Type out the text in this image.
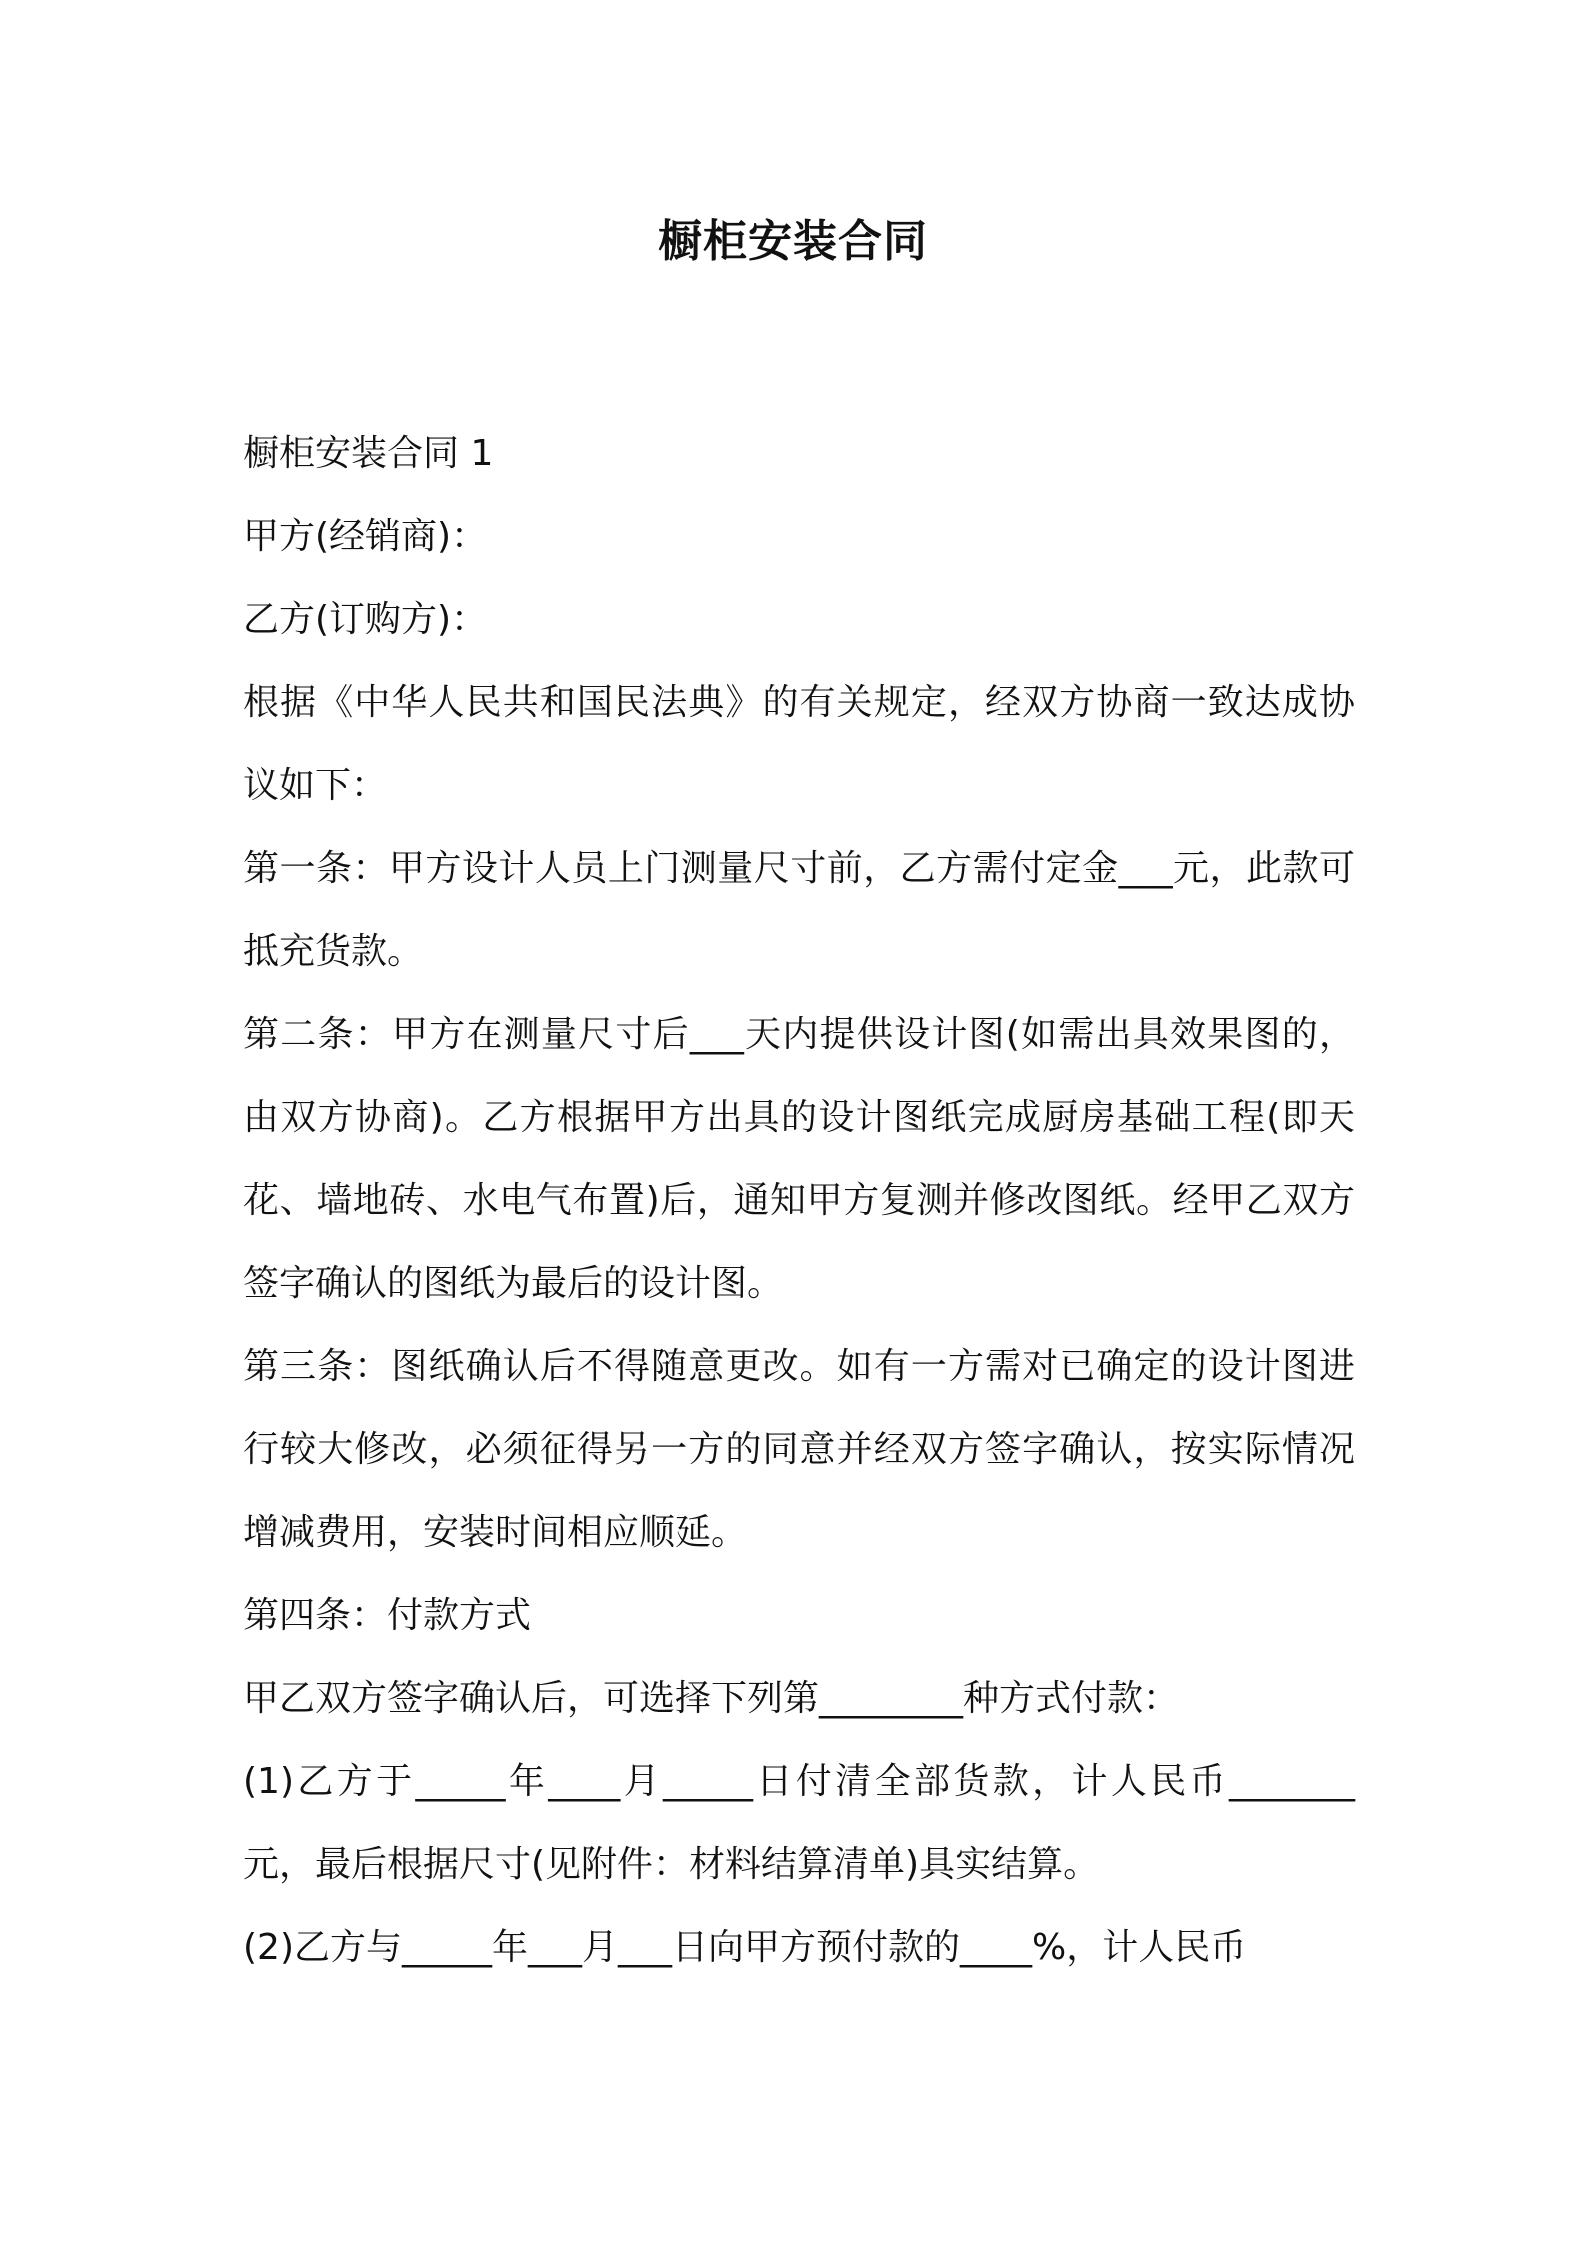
橱柜安装合同

橱柜安装合同 1

甲方(经销商)：

乙方(订购方)：

根据《中华人民共和国民法典》的有关规定，经双方协商一致达成协议如下：

第一条：甲方设计人员上门测量尺寸前，乙方需付定金___元，此款可抵充货款。

第二条：甲方在测量尺寸后___天内提供设计图(如需出具效果图的，由双方协商)。乙方根据甲方出具的设计图纸完成厨房基础工程(即天花、墙地砖、水电气布置)后，通知甲方复测并修改图纸。经甲乙双方签字确认的图纸为最后的设计图。

第三条：图纸确认后不得随意更改。如有一方需对已确定的设计图进行较大修改，必须征得另一方的同意并经双方签字确认，按实际情况增减费用，安装时间相应顺延。

第四条：付款方式

甲乙双方签字确认后，可选择下列第________种方式付款：

(1)乙方于_____年____月_____日付清全部货款，计人民币_______元，最后根据尺寸(见附件：材料结算清单)具实结算。

(2)乙方与_____年___月___日向甲方预付款的____%，计人民币
